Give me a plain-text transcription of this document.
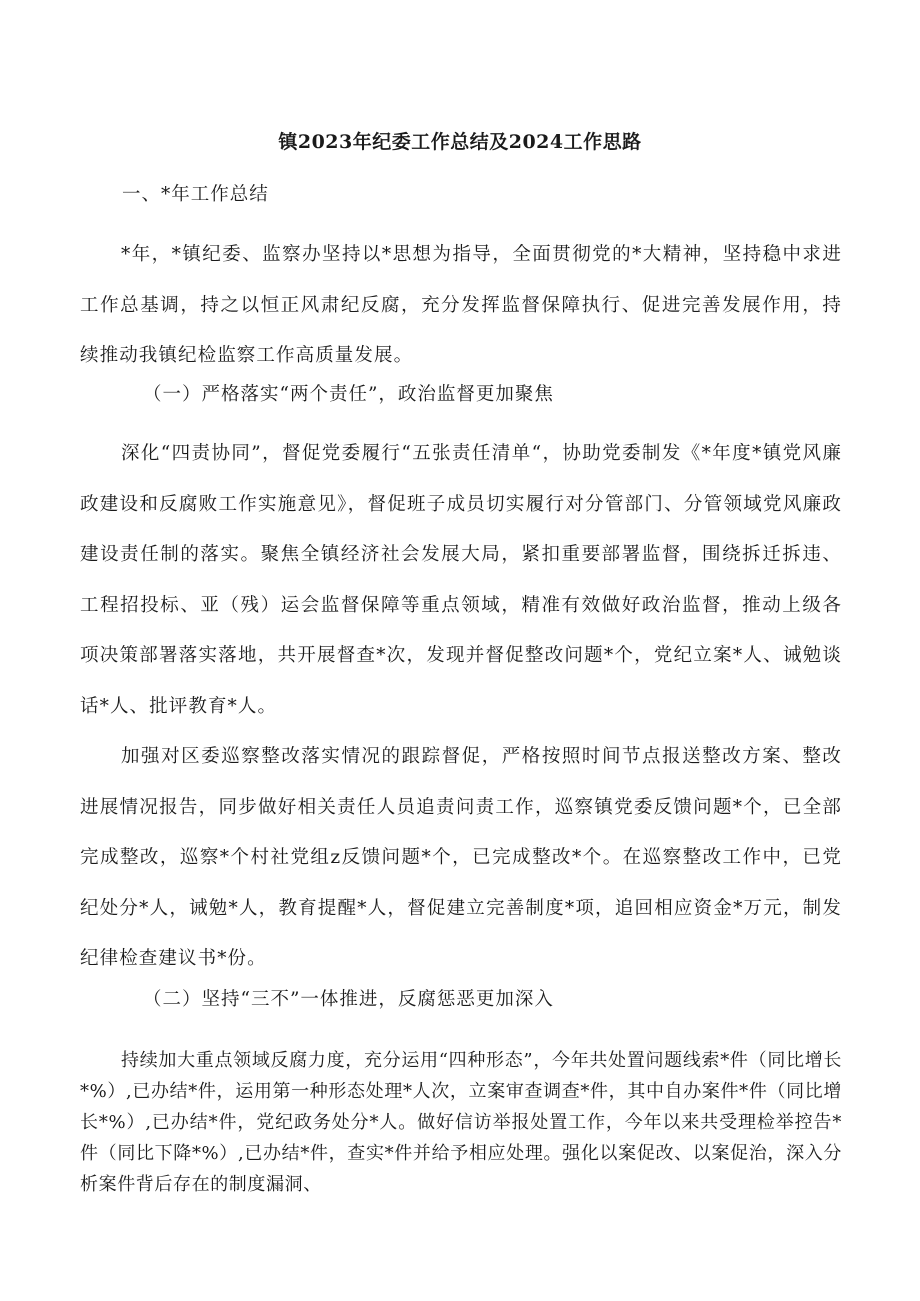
镇2023年纪委工作总结及2024工作思路
一、*年工作总结

*年，*镇纪委、监察办坚持以*思想为指导，全面贯彻党的*大精神，坚持稳中求进工作总基调，持之以恒正风肃纪反腐，充分发挥监督保障执行、促进完善发展作用，持续推动我镇纪检监察工作高质量发展。

（一）严格落实“两个责任”，政治监督更加聚焦

深化“四责协同”，督促党委履行“五张责任清单“，协助党委制发《*年度*镇党风廉政建设和反腐败工作实施意见》，督促班子成员切实履行对分管部门、分管领域党风廉政建设责任制的落实。聚焦全镇经济社会发展大局，紧扣重要部署监督，围绕拆迁拆违、工程招投标、亚（残）运会监督保障等重点领域，精准有效做好政治监督，推动上级各项决策部署落实落地，共开展督查*次，发现并督促整改问题*个，党纪立案*人、诫勉谈话*人、批评教育*人。

加强对区委巡察整改落实情况的跟踪督促，严格按照时间节点报送整改方案、整改进展情况报告，同步做好相关责任人员追责问责工作，巡察镇党委反馈问题*个，已全部完成整改，巡察*个村社党组z反馈问题*个，已完成整改*个。在巡察整改工作中，已党纪处分*人，诫勉*人，教育提醒*人，督促建立完善制度*项，追回相应资金*万元，制发纪律检查建议书*份。

（二）坚持“三不”一体推进，反腐惩恶更加深入

持续加大重点领域反腐力度，充分运用“四种形态”，今年共处置问题线索*件（同比增长*%）,已办结*件，运用第一种形态处理*人次，立案审查调查*件，其中自办案件*件（同比增长*%）,已办结*件，党纪政务处分*人。做好信访举报处置工作，今年以来共受理检举控告*件（同比下降*%）,已办结*件，查实*件并给予相应处理。强化以案促改、以案促治，深入分析案件背后存在的制度漏洞、
